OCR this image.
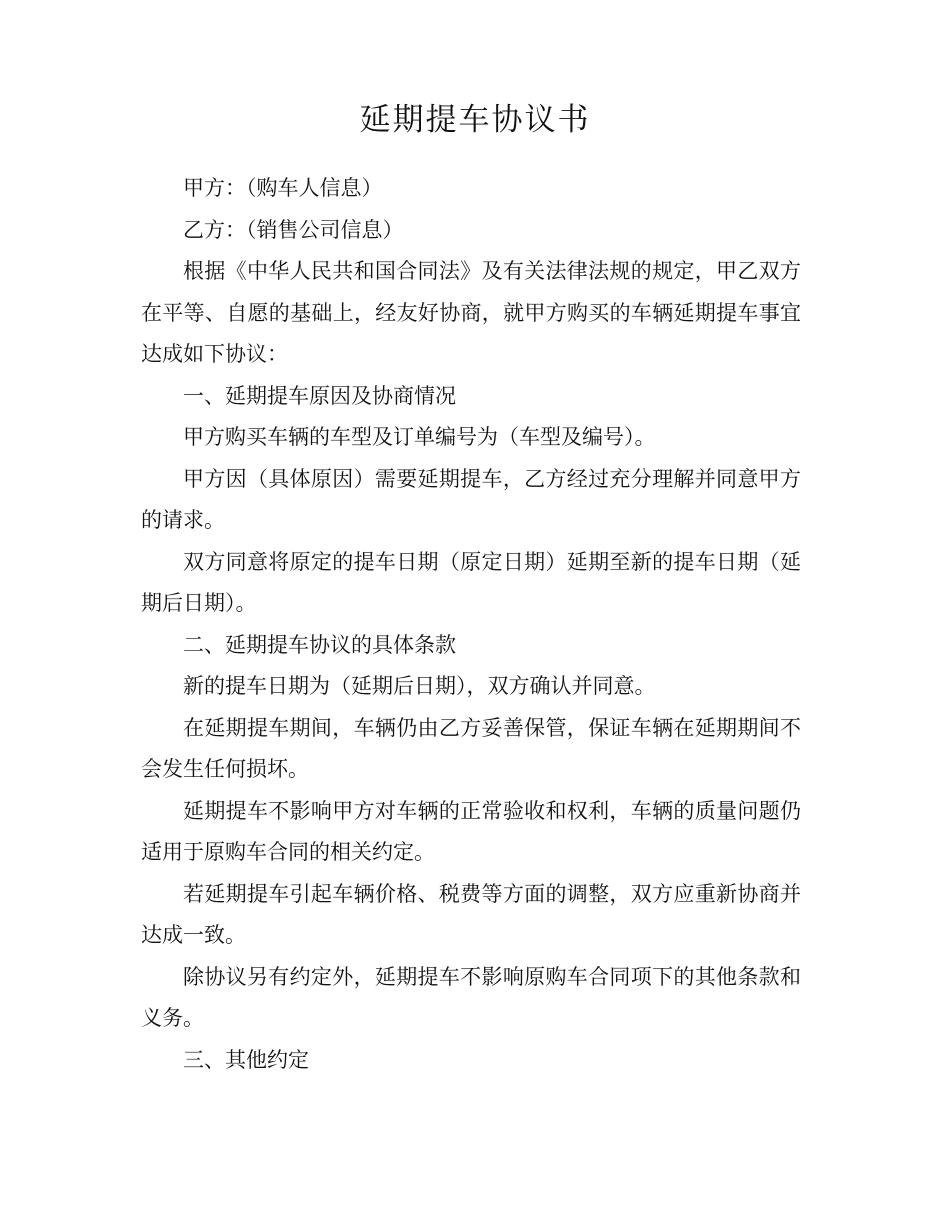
延期提车协议书

甲方：（购车人信息）

乙方：（销售公司信息）

根据《中华人民共和国合同法》及有关法律法规的规定，甲乙双方在平等、自愿的基础上，经友好协商，就甲方购买的车辆延期提车事宜达成如下协议：

一、延期提车原因及协商情况

甲方购买车辆的车型及订单编号为（车型及编号）。

甲方因（具体原因）需要延期提车，乙方经过充分理解并同意甲方的请求。

双方同意将原定的提车日期（原定日期）延期至新的提车日期（延期后日期）。

二、延期提车协议的具体条款

新的提车日期为（延期后日期），双方确认并同意。

在延期提车期间，车辆仍由乙方妥善保管，保证车辆在延期期间不会发生任何损坏。

延期提车不影响甲方对车辆的正常验收和权利，车辆的质量问题仍适用于原购车合同的相关约定。

若延期提车引起车辆价格、税费等方面的调整，双方应重新协商并达成一致。

除协议另有约定外，延期提车不影响原购车合同项下的其他条款和义务。

三、其他约定
